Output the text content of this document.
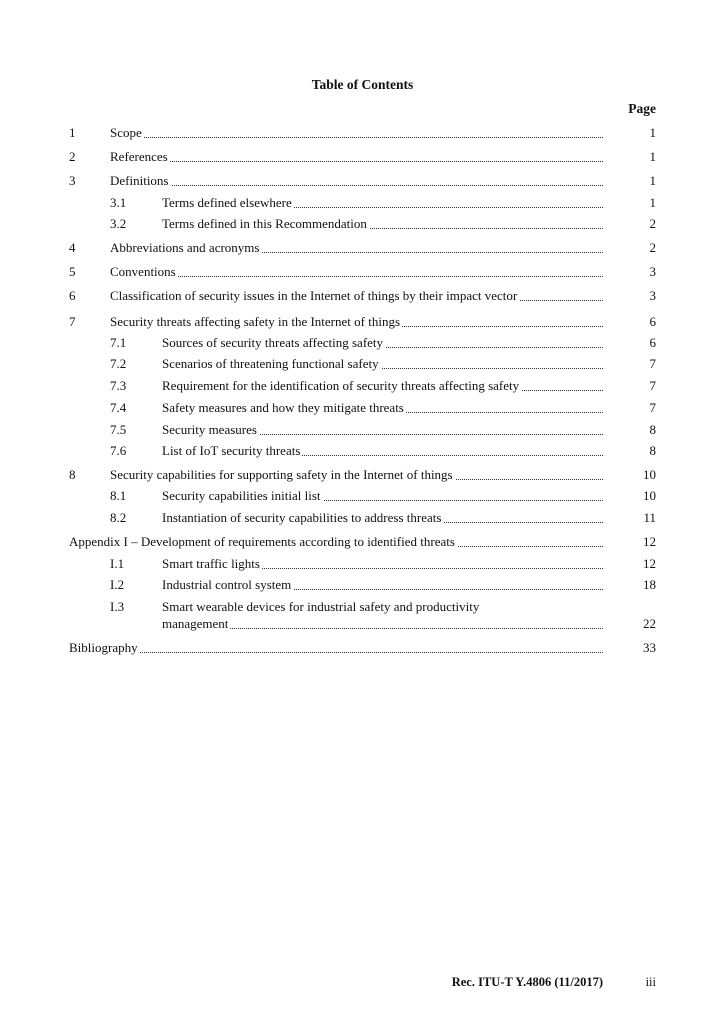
Table of Contents
Page
1	Scope	1
2	References	1
3	Definitions	1
3.1	Terms defined elsewhere	1
3.2	Terms defined in this Recommendation	2
4	Abbreviations and acronyms	2
5	Conventions	3
6	Classification of security issues in the Internet of things by their impact vector	3
7	Security threats affecting safety in the Internet of things	6
7.1	Sources of security threats affecting safety	6
7.2	Scenarios of threatening functional safety	7
7.3	Requirement for the identification of security threats affecting safety	7
7.4	Safety measures and how they mitigate threats	7
7.5	Security measures	8
7.6	List of IoT security threats	8
8	Security capabilities for supporting safety in the Internet of things	10
8.1	Security capabilities initial list	10
8.2	Instantiation of security capabilities to address threats	11
Appendix I – Development of requirements according to identified threats	12
I.1	Smart traffic lights	12
I.2	Industrial control system	18
I.3	Smart wearable devices for industrial safety and productivity
management	22
Bibliography	33
Rec. ITU-T Y.4806 (11/2017)	iii
